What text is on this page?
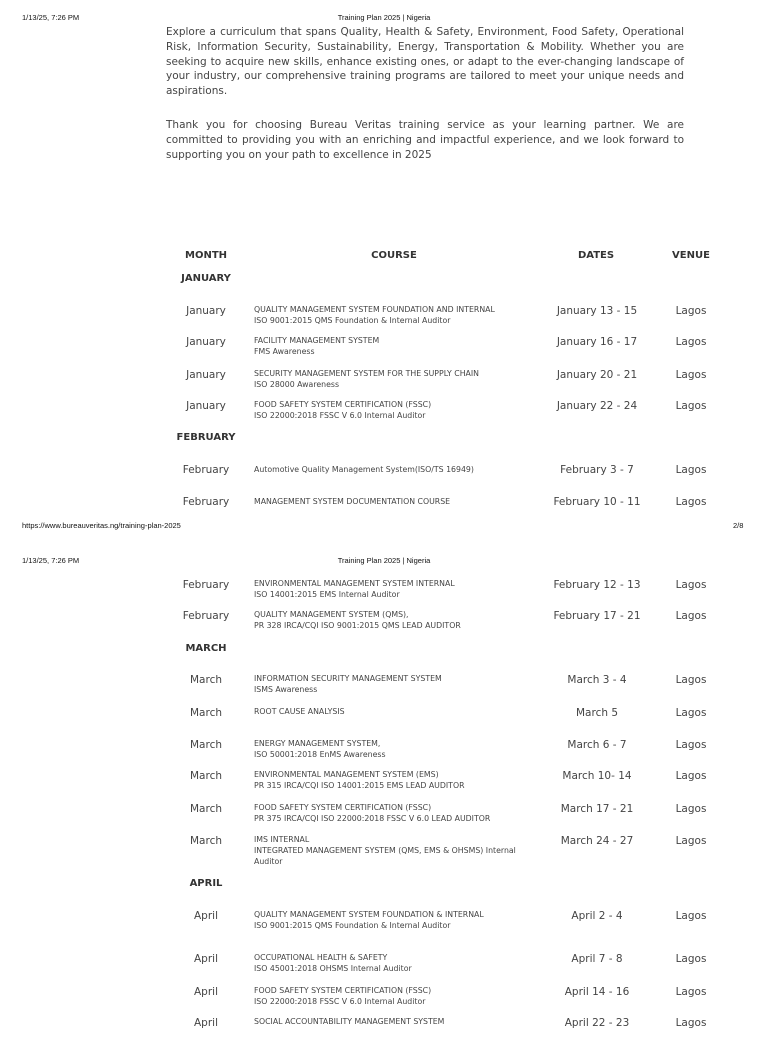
1/13/25, 7:26 PM	Training Plan 2025 | Nigeria

Explore a curriculum that spans Quality, Health & Safety, Environment, Food Safety, Operational Risk, Information Security, Sustainability, Energy, Transportation & Mobility. Whether you are seeking to acquire new skills, enhance existing ones, or adapt to the ever-changing landscape of your industry, our comprehensive training programs are tailored to meet your unique needs and aspirations.

Thank you for choosing Bureau Veritas training service as your learning partner. We are committed to providing you with an enriching and impactful experience, and we look forward to supporting you on your path to excellence in 2025

MONTH	COURSE	DATES	VENUE
JANUARY
January	QUALITY MANAGEMENT SYSTEM FOUNDATION AND INTERNAL
ISO 9001:2015 QMS Foundation & Internal Auditor
January 13 - 15	Lagos
January	FACILITY MANAGEMENT SYSTEM
FMS Awareness
January 16 - 17	Lagos
January	SECURITY MANAGEMENT SYSTEM FOR THE SUPPLY CHAIN
ISO 28000 Awareness
January 20 - 21	Lagos
January	FOOD SAFETY SYSTEM CERTIFICATION (FSSC)
ISO 22000:2018 FSSC V 6.0 Internal Auditor
January 22 - 24	Lagos
FEBRUARY
February	Automotive Quality Management System(ISO/TS 16949)	February 3 - 7	Lagos
February	MANAGEMENT SYSTEM DOCUMENTATION COURSE	February 10 - 11	Lagos
https://www.bureauveritas.ng/training-plan-2025	2/8
1/13/25, 7:26 PM	Training Plan 2025 | Nigeria
February	ENVIRONMENTAL MANAGEMENT SYSTEM INTERNAL
ISO 14001:2015 EMS Internal Auditor
February 12 - 13	Lagos
February	QUALITY MANAGEMENT SYSTEM (QMS),
PR 328 IRCA/CQI ISO 9001:2015 QMS LEAD AUDITOR
February 17 - 21	Lagos
MARCH
March	INFORMATION SECURITY MANAGEMENT SYSTEM
ISMS Awareness
March 3 - 4	Lagos
March	ROOT CAUSE ANALYSIS	March 5	Lagos
March	ENERGY MANAGEMENT SYSTEM,
ISO 50001:2018 EnMS Awareness
March 6 - 7	Lagos
March	ENVIRONMENTAL MANAGEMENT SYSTEM (EMS)
PR 315 IRCA/CQI ISO 14001:2015 EMS LEAD AUDITOR
March 10- 14	Lagos
March	FOOD SAFETY SYSTEM CERTIFICATION (FSSC)
PR 375 IRCA/CQI ISO 22000:2018 FSSC V 6.0 LEAD AUDITOR
March 17 - 21	Lagos
March	IMS INTERNAL
INTEGRATED MANAGEMENT SYSTEM (QMS, EMS & OHSMS) Internal
Auditor
March 24 - 27	Lagos
APRIL
April	QUALITY MANAGEMENT SYSTEM FOUNDATION & INTERNAL
ISO 9001:2015 QMS Foundation & Internal Auditor
April 2 - 4	Lagos
April	OCCUPATIONAL HEALTH & SAFETY
ISO 45001:2018 OHSMS Internal Auditor
April 7 - 8	Lagos
April	FOOD SAFETY SYSTEM CERTIFICATION (FSSC)
ISO 22000:2018 FSSC V 6.0 Internal Auditor
April 14 - 16	Lagos
April	SOCIAL ACCOUNTABILITY MANAGEMENT SYSTEM	April 22 - 23	Lagos
